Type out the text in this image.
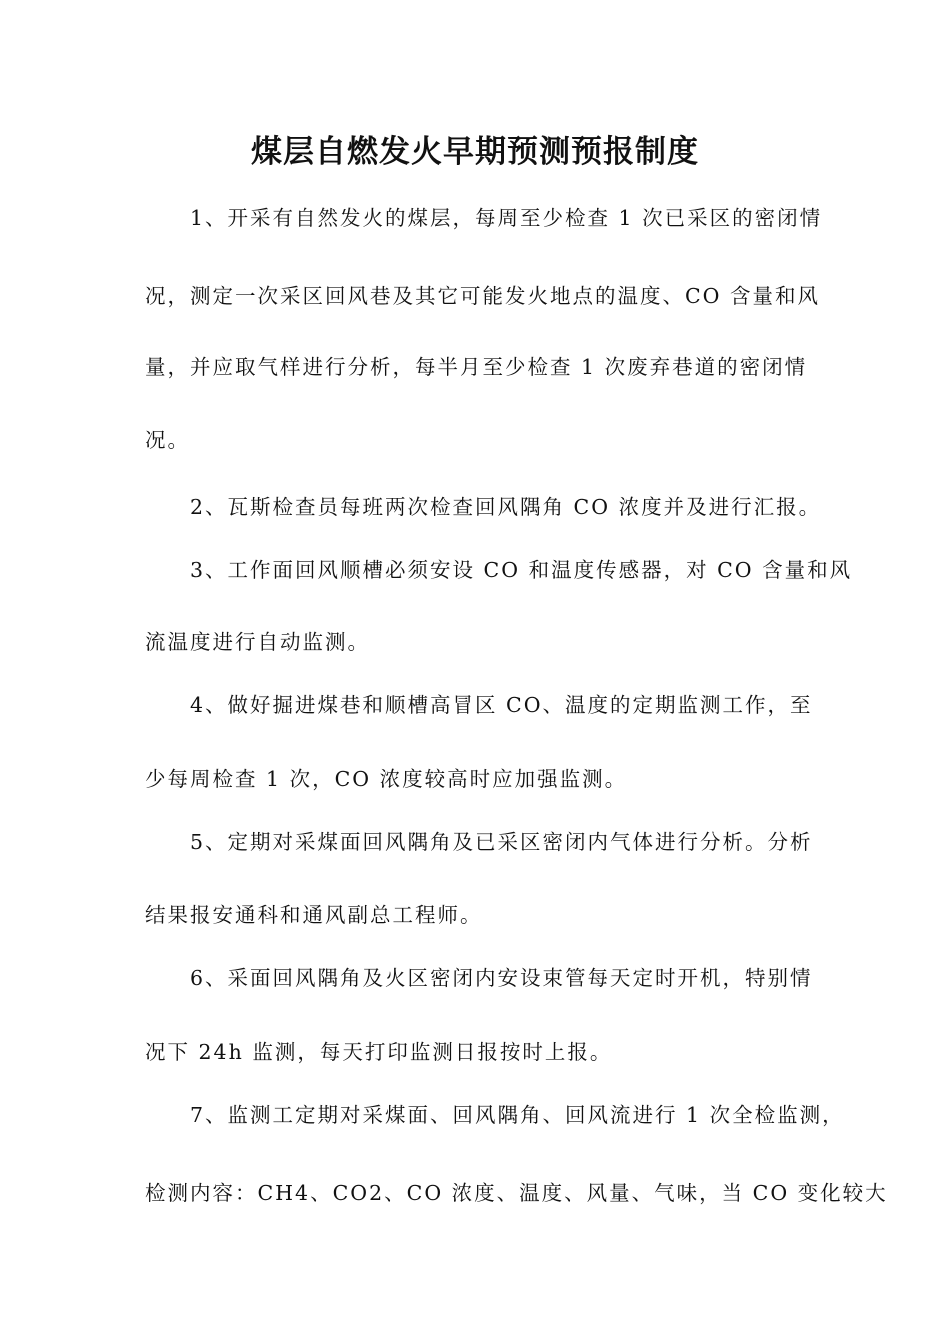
煤层自燃发火早期预测预报制度

1、开采有自然发火的煤层，每周至少检查 1 次已采区的密闭情

况，测定一次采区回风巷及其它可能发火地点的温度、CO 含量和风

量，并应取气样进行分析，每半月至少检查 1 次废弃巷道的密闭情

况。

2、瓦斯检查员每班两次检查回风隅角 CO 浓度并及进行汇报。

3、工作面回风顺槽必须安设 CO 和温度传感器，对 CO 含量和风

流温度进行自动监测。

4、做好掘进煤巷和顺槽高冒区 CO、温度的定期监测工作，至

少每周检查 1 次，CO 浓度较高时应加强监测。

5、定期对采煤面回风隅角及已采区密闭内气体进行分析。分析

结果报安通科和通风副总工程师。

6、采面回风隅角及火区密闭内安设束管每天定时开机，特别情

况下 24h 监测，每天打印监测日报按时上报。

7、监测工定期对采煤面、回风隅角、回风流进行 1 次全检监测，

检测内容：CH4、CO2、CO 浓度、温度、风量、气味，当 CO 变化较大
